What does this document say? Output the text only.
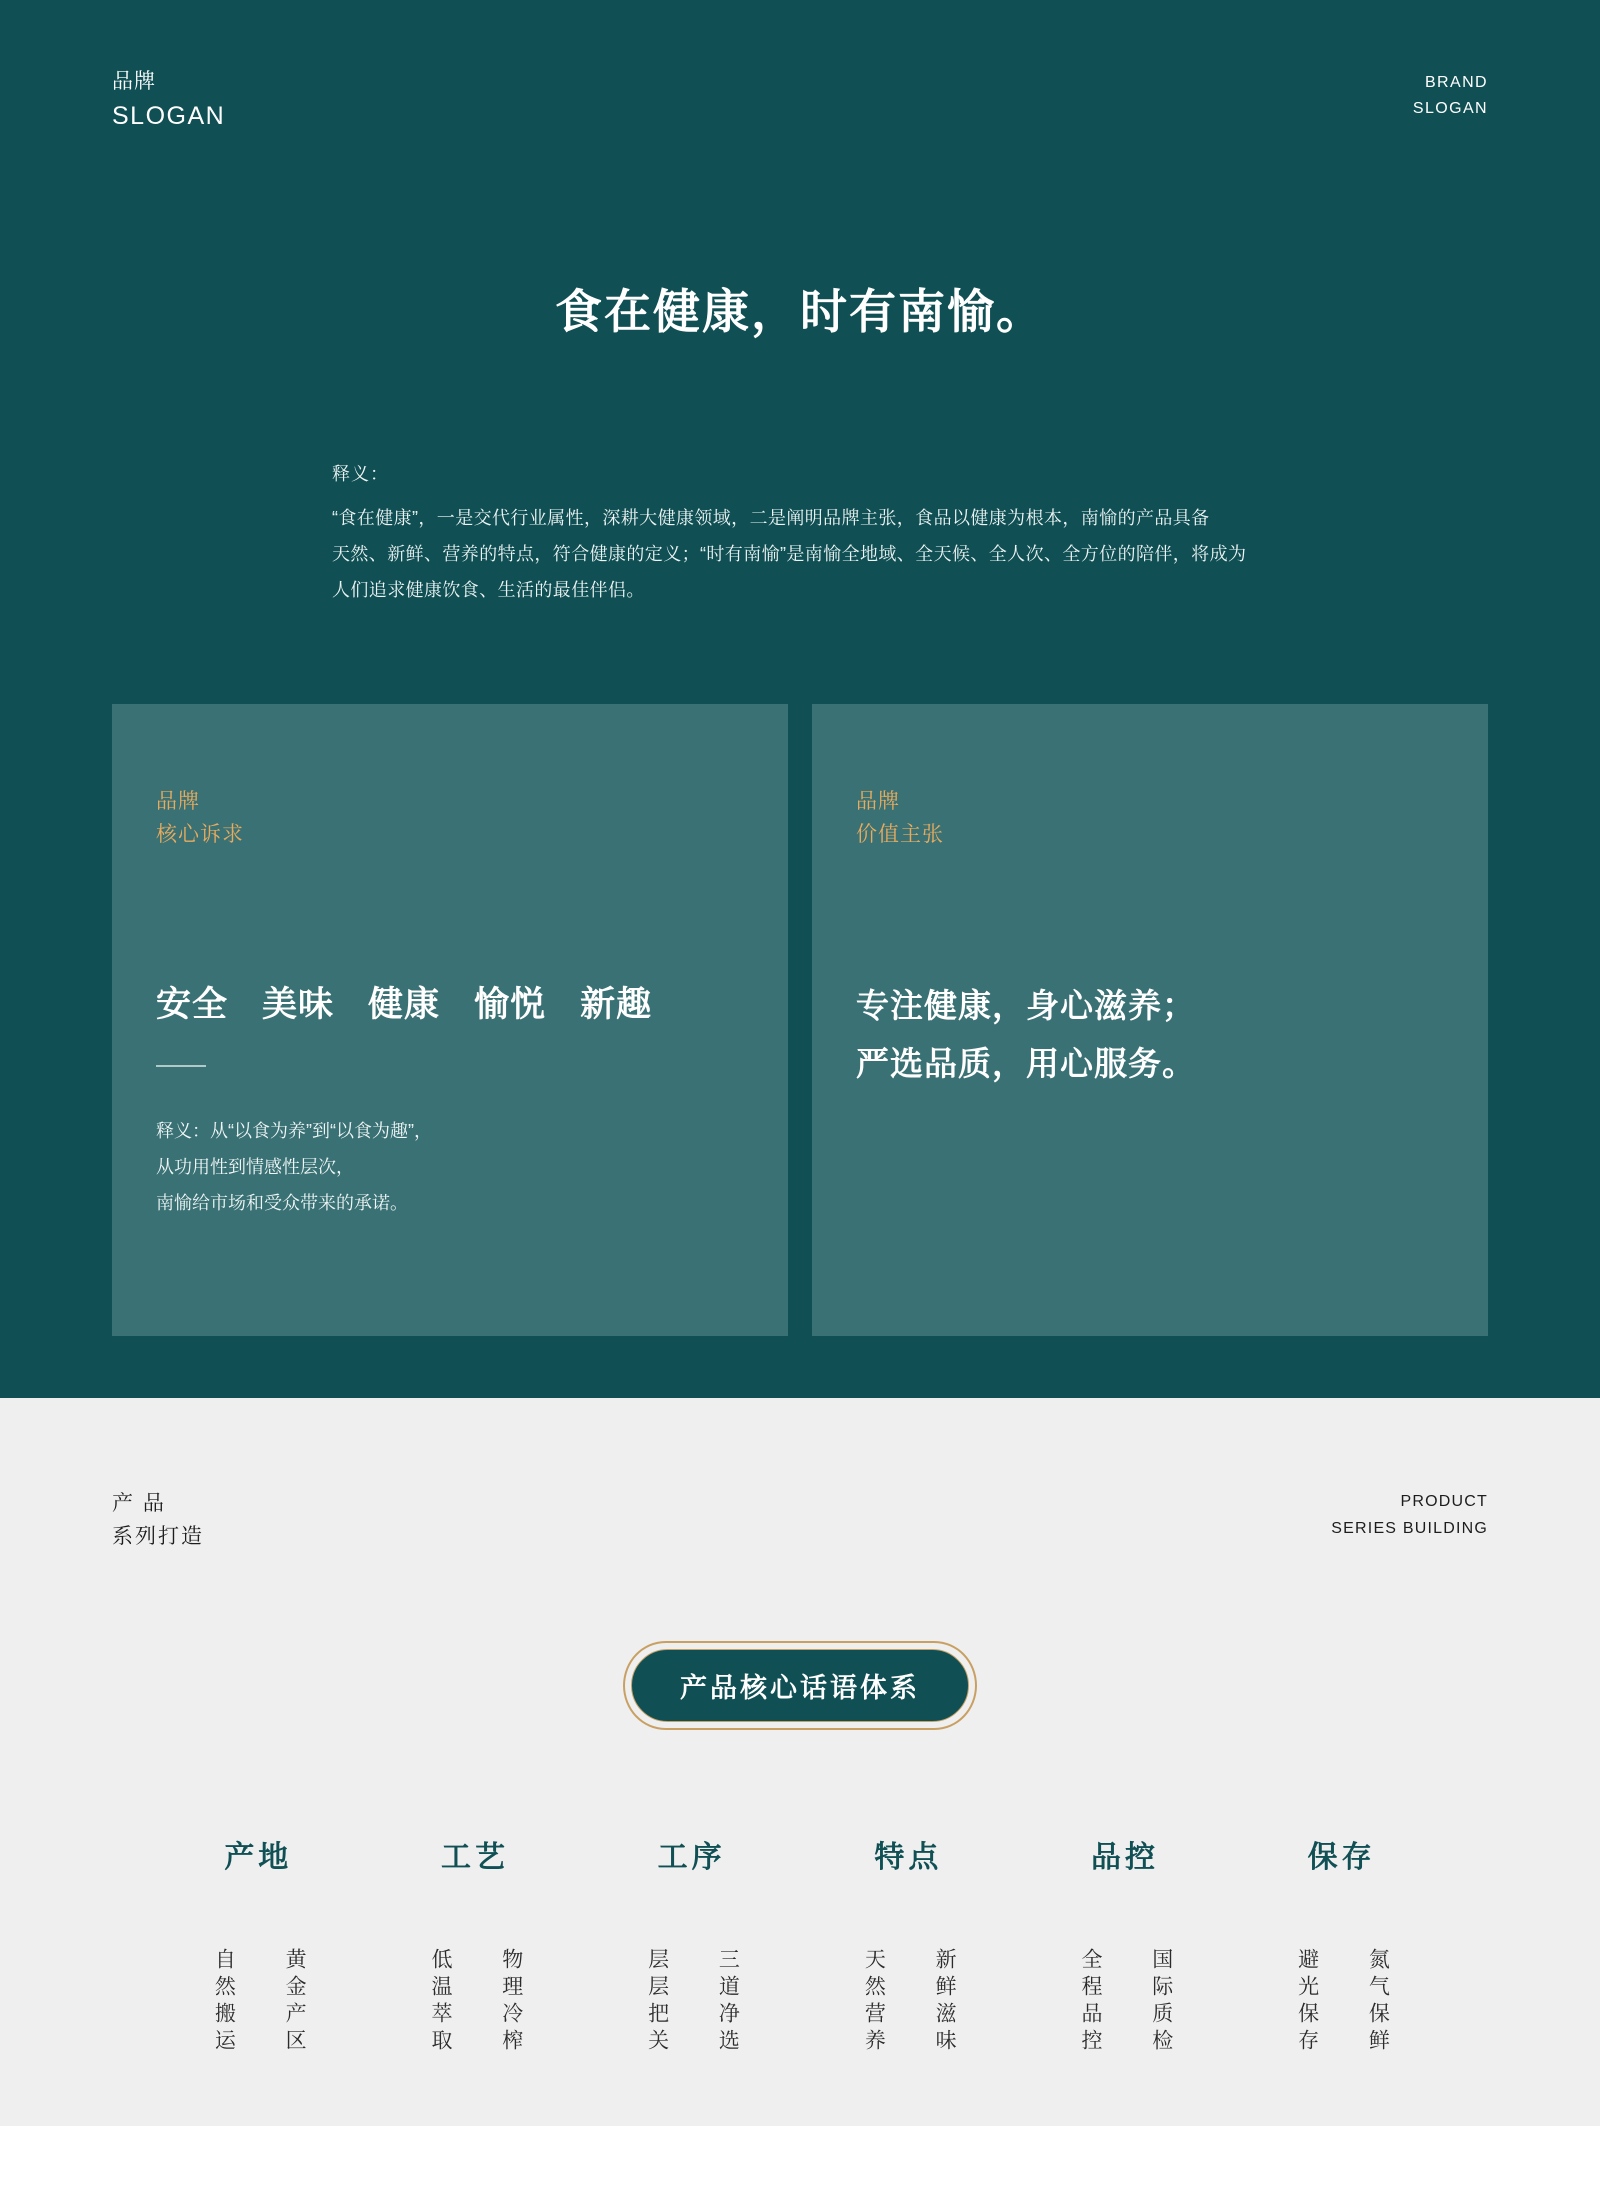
品牌
SLOGAN
BRAND
SLOGAN
食在健康，时有南愉。
释义：
“食在健康”，一是交代行业属性，深耕大健康领域，二是阐明品牌主张，食品以健康为根本，南愉的产品具备
天然、新鲜、营养的特点，符合健康的定义；“时有南愉”是南愉全地域、全天候、全人次、全方位的陪伴，将成为
人们追求健康饮食、生活的最佳伴侣。
品牌
核心诉求
安全 美味 健康 愉悦 新趣
释义：从“以食为养”到“以食为趣”，
从功用性到情感性层次，
南愉给市场和受众带来的承诺。
品牌
价值主张
专注健康，身心滋养；
严选品质，用心服务。
产 品
系列打造
PRODUCT
SERIES BUILDING
产品核心话语体系
产地
自然搬运	黄金产区
工艺
低温萃取	物理冷榨
工序
层层把关	三道净选
特点
天然营养	新鲜滋味
品控
全程品控	国际质检
保存
避光保存	氮气保鲜
